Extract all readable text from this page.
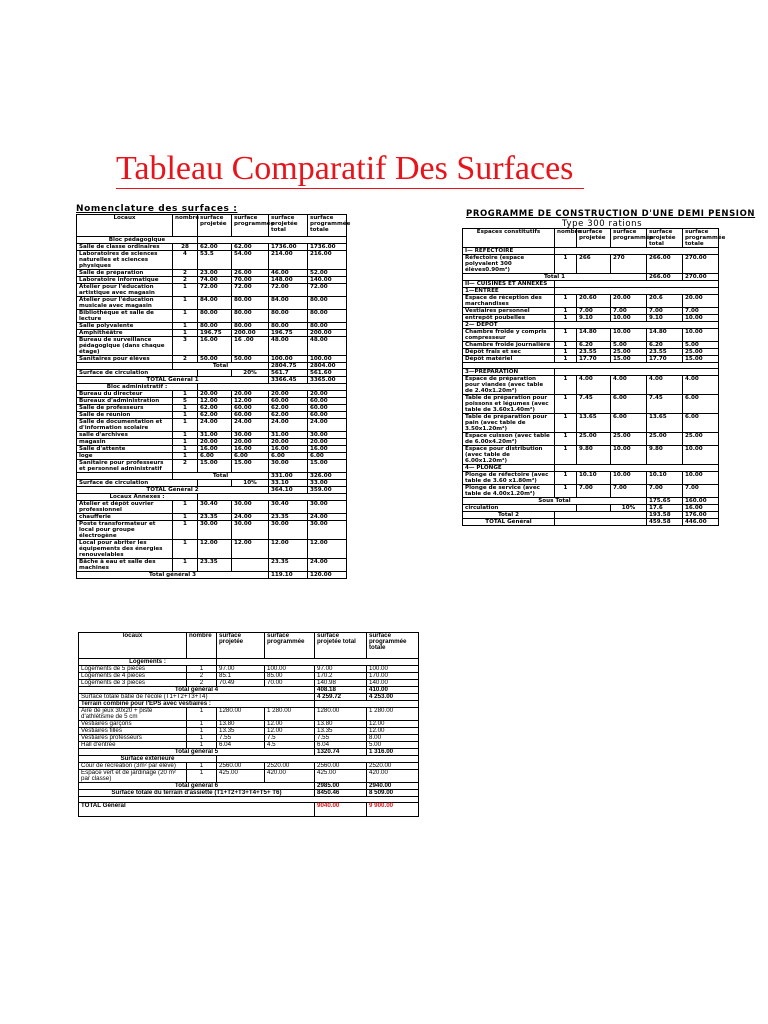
Tableau Comparatif Des Surfaces
Nomenclature des surfaces :
Locaux	nombre	surface projetée	surface programmée	surface projetée total	surface programmée totale
Bloc pédagogique					
Salle de classe ordinaires	28	62.00	62.00	1736.00	1736.00
Laboratoires de sciences naturelles et sciences physiques	4	53.5	54.00	214.00	216.00
Salle de préparation	2	23.00	26.00	46.00	52.00
Laboratoire informatique	2	74.00	70.00	148.00	140.00
Atelier pour l'éducation artistique avec magasin	1	72.00	72.00	72.00	72.00
Atelier pour l'éducation musicale avec magasin	1	84.00	80.00	84.00	80.00
Bibliothèque et salle de lecture	1	80.00	80.00	80.00	80.00
Salle polyvalente	1	80.00	80.00	80.00	80.00
Amphithéâtre	1	196.75	200.00	196.75	200.00
Bureau de surveillance pédagogique (dans chaque étage)	3	16.00	16 .00	48.00	48.00
Sanitaires pour élèves	2	50.00	50.00	100.00	100.00
	Total			2804.75	2804.00
Surface de circulation			20%	561.7	561.60
TOTAL Général 1				3366.45	3365.00
Bloc administratif :					
Bureau du directeur	1	20.00	20.00	20.00	20.00
Bureaux d'administration	5	12.00	12.00	60.00	60.00
Salle de professeurs	1	62.00	60.00	62.00	60.00
Salle de réunion	1	62.00	60.00	62.00	60.00
Salle de documentation et d'information scolaire	1	24.00	24.00	24.00	24.00
salle d'archives	1	31.00	30.00	31.00	30.00
magasin	1	20.00	20.00	20.00	20.00
Salle d'attente	1	16.00	16.00	16.00	16.00
loge	1	6.00	6.00	6.00	6.00
Sanitaire pour professeurs et personnel administratif	2	15.00	15.00	30.00	15.00
	Total			331.00	326.00
Surface de circulation			10%	33.10	33.00
TOTAL Général 2				364.10	359.00
Locaux Annexes :					
Atelier et dépôt ouvrier professionnel	1	30.40	30.00	30.40	30.00
chaufferie	1	23.35	24.00	23.35	24.00
Poste transformateur et local pour groupe électrogène	1	30.00	30.00	30.00	30.00
Local pour abriter les équipements des énergies renouvelables	1	12.00	12.00	12.00	12.00
Bâche à eau et salle des machines	1	23.35		23.35	24.00
Total général 3				119.10	120.00
PROGRAMME DE CONSTRUCTION D'UNE DEMI PENSION
Type 300 rations
Espaces constitutifs	nombre	surface projetée	surface programmée	surface projetée total	surface programmée totale
I— REFECTOIRE					
Réfectoire (espace polyvalent 300 élèves0.90m²)	1	266	270	266.00	270.00
Total 1				266.00	270.00
II— CUISINES ET ANNEXES					
1—ENTREE					
Espace de réception des marchandises	1	20.60	20.00	20.6	20.00
Vestiaires personnel	1	7.00	7.00	7.00	7.00
entrepôt poubelles	1	9.10	10.00	9.10	10.00
2— DEPOT					
Chambre froide y compris compresseur	1	14.80	10.00	14.80	10.00
Chambre froide journalière	1	6.20	5.00	6.20	5.00
Dépôt frais et sec	1	23.55	25.00	23.55	25.00
Dépôt matériel	1	17.70	15.00	17.70	15.00

3—PREPARATION					
Espace de préparation pour viandes (avec table de 2.40x1.20m²)	1	4.00	4.00	4.00	4.00
Table de préparation pour poissons et légumes (avec table de 3.60x1.40m²)	1	7.45	6.00	7.45	6.00
Table de préparation pour pain (avec table de 3.50x1.20m²)	1	13.65	6.00	13.65	6.00
Espace cuisson (avec table de 6.00x4.20m²)	1	25.00	25.00	25.00	25.00
Espace pour distribution (avec table de 6.00x1.20m²)	1	9.80	10.00	9.80	10.00
4— PLONGE					
Plonge de réfectoire (avec table de 3.60 x1.80m²)	1	10.10	10.00	10.10	10.00
Plonge de service (avec table de 4.00x1.20m²)	1	7.00	7.00	7.00	7.00
Sous Total				175.65	160.00
circulation			10%	17.6	16.00
Total 2				193.58	176.00
TOTAL Général				459.58	446.00
locaux	nombre	surface projetée	surface programmée	surface projetée total	surface programmée totale
Logements :					
Logements de 5 pièces	1	97.00	100.00	97.00	100.00
Logements de 4 pièces	2	85.1	85.00	170.2	170.00
Logements de 3 pièces	2	70.49	70.00	140.98	140.00
Total général 4				408.18	410.00
Surface totale bâtie de l'école (T1+T2+T3+T4)				4 259.72	4 253.00
Terrain combiné pour l'EPS avec vestiaires :					
Aire de jeux 30x20 + piste d'athlétisme de 5 cm	1	1280.00	1 280.00	1280.00	1 280.00
Vestiaires garçons	1	13.80	12.00	13.80	12.00
Vestiaires filles	1	13.35	12.00	13.35	12.00
Vestiaires professeurs	1	7.55	7.5	7.55	8.00
Hall d'entrée	1	6.04	4.5	6.04	5.00
Total général 5				1320.74	1 316.00
Surface extérieure					
Cour de récréation (3m² par élève)	1	2560.00	2520.00	2560.00	2520.00
Espace vert et de jardinage (20 m² par classe)	1	425.00	420.00	425.00	420.00
Total général 6				2985.00	2940.00
Surface totale du terrain d'assiette (T1+T2+T3+T4+T5+ T6)				8450.46	8 509.00

TOTAL Général				9040.00	9 900.00
